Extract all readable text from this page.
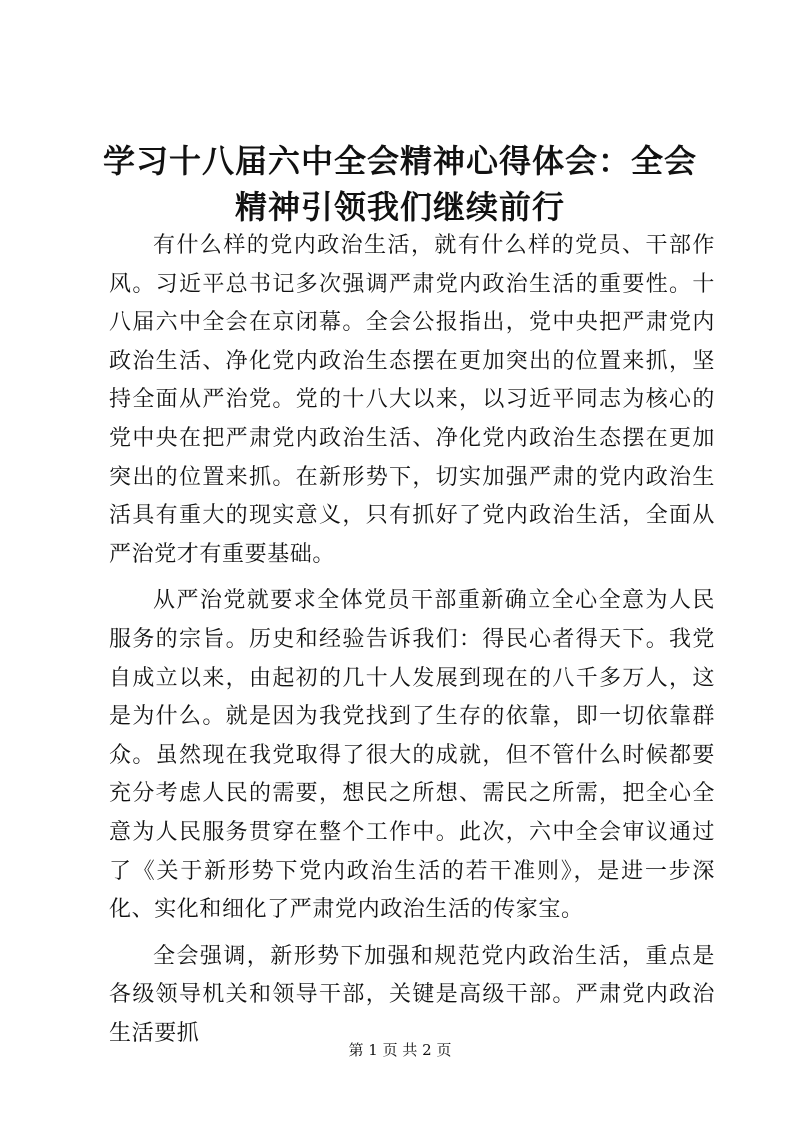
学习十八届六中全会精神心得体会：全会精神引领我们继续前行

有什么样的党内政治生活，就有什么样的党员、干部作风。习近平总书记多次强调严肃党内政治生活的重要性。十八届六中全会在京闭幕。全会公报指出，党中央把严肃党内政治生活、净化党内政治生态摆在更加突出的位置来抓，坚持全面从严治党。党的十八大以来，以习近平同志为核心的党中央在把严肃党内政治生活、净化党内政治生态摆在更加突出的位置来抓。在新形势下，切实加强严肃的党内政治生活具有重大的现实意义，只有抓好了党内政治生活，全面从严治党才有重要基础。

从严治党就要求全体党员干部重新确立全心全意为人民服务的宗旨。历史和经验告诉我们：得民心者得天下。我党自成立以来，由起初的几十人发展到现在的八千多万人，这是为什么。就是因为我党找到了生存的依靠，即一切依靠群众。虽然现在我党取得了很大的成就，但不管什么时候都要充分考虑人民的需要，想民之所想、需民之所需，把全心全意为人民服务贯穿在整个工作中。此次，六中全会审议通过了《关于新形势下党内政治生活的若干准则》，是进一步深化、实化和细化了严肃党内政治生活的传家宝。

全会强调，新形势下加强和规范党内政治生活，重点是各级领导机关和领导干部，关键是高级干部。严肃党内政治生活要抓

第 1 页 共 2 页
